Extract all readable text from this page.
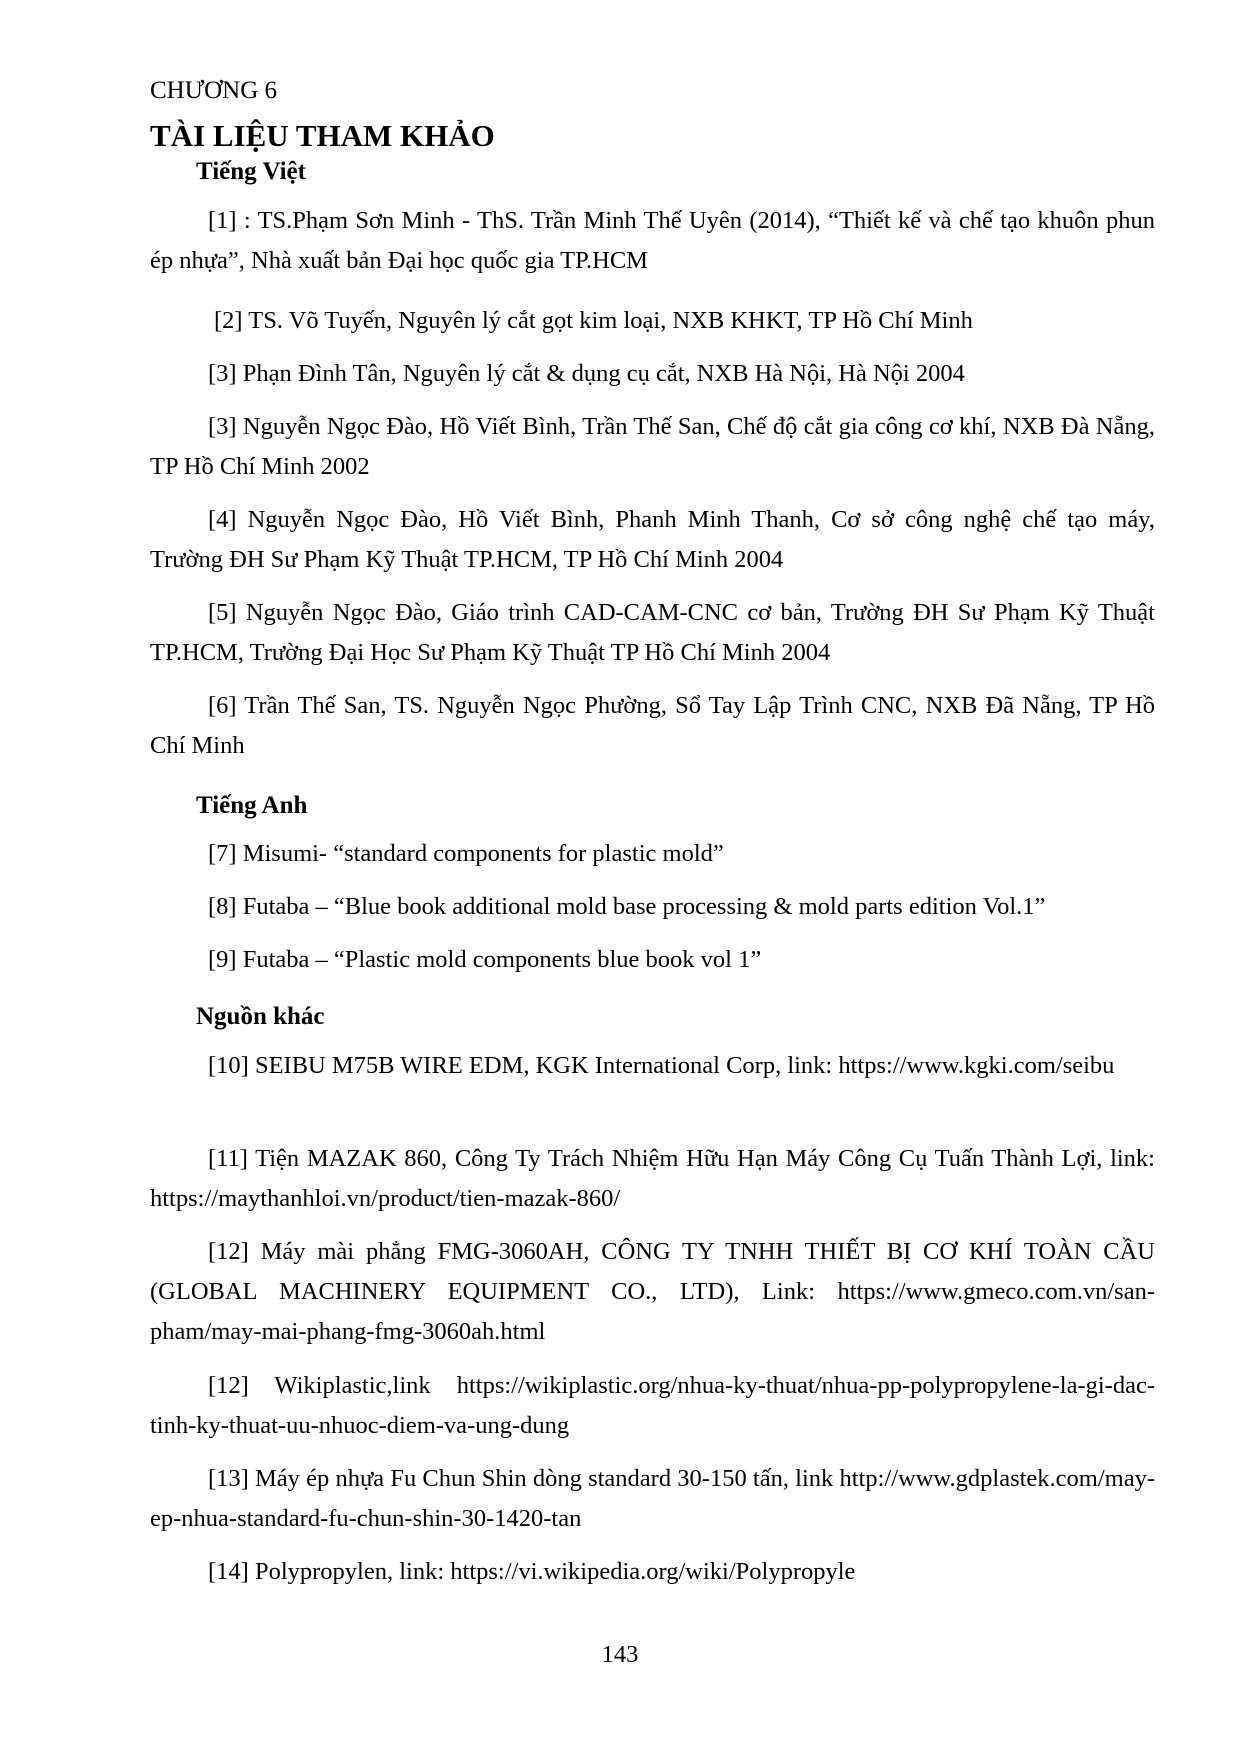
CHƯƠNG 6
TÀI LIỆU THAM KHẢO
Tiếng Việt
[1] : TS.Phạm Sơn Minh - ThS. Trần Minh Thế Uyên (2014), “Thiết kế và chế tạo khuôn phun ép nhựa”, Nhà xuất bản Đại học quốc gia TP.HCM
[2] TS. Võ Tuyến, Nguyên lý cắt gọt kim loại, NXB KHKT, TP Hồ Chí Minh
[3] Phạn Đình Tân, Nguyên lý cắt & dụng cụ cắt, NXB Hà Nội, Hà Nội 2004
[3] Nguyễn Ngọc Đào, Hồ Viết Bình, Trần Thế San, Chế độ cắt gia công cơ khí, NXB Đà Nẵng, TP Hồ Chí Minh 2002
[4] Nguyễn Ngọc Đào, Hồ Viết Bình, Phanh Minh Thanh, Cơ sở công nghệ chế tạo máy, Trường ĐH Sư Phạm Kỹ Thuật TP.HCM, TP Hồ Chí Minh 2004
[5] Nguyễn Ngọc Đào, Giáo trình CAD-CAM-CNC cơ bản, Trường ĐH Sư Phạm Kỹ Thuật TP.HCM, Trường Đại Học Sư Phạm Kỹ Thuật TP Hồ Chí Minh 2004
[6] Trần Thế San, TS. Nguyễn Ngọc Phường, Sổ Tay Lập Trình CNC, NXB Đã Nẵng, TP Hồ Chí Minh
Tiếng Anh
[7] Misumi- “standard components for plastic mold”
[8] Futaba – “Blue book additional mold base processing & mold parts edition Vol.1”
[9] Futaba – “Plastic mold components blue book vol 1”
Nguồn khác
[10] SEIBU M75B WIRE EDM, KGK International Corp, link: https://www.kgki.com/seibu
[11] Tiện MAZAK 860, Công Ty Trách Nhiệm Hữu Hạn Máy Công Cụ Tuấn Thành Lợi, link: https://maythanhloi.vn/product/tien-mazak-860/
[12] Máy mài phẳng FMG-3060AH, CÔNG TY TNHH THIẾT BỊ CƠ KHÍ TOÀN CẦU (GLOBAL MACHINERY EQUIPMENT CO., LTD), Link: https://www.gmeco.com.vn/san-pham/may-mai-phang-fmg-3060ah.html
[12] Wikiplastic,link https://wikiplastic.org/nhua-ky-thuat/nhua-pp-polypropylene-la-gi-dac-tinh-ky-thuat-uu-nhuoc-diem-va-ung-dung
[13] Máy ép nhựa Fu Chun Shin dòng standard 30-150 tấn, link http://www.gdplastek.com/may-ep-nhua-standard-fu-chun-shin-30-1420-tan
[14] Polypropylen, link: https://vi.wikipedia.org/wiki/Polypropyle
143
